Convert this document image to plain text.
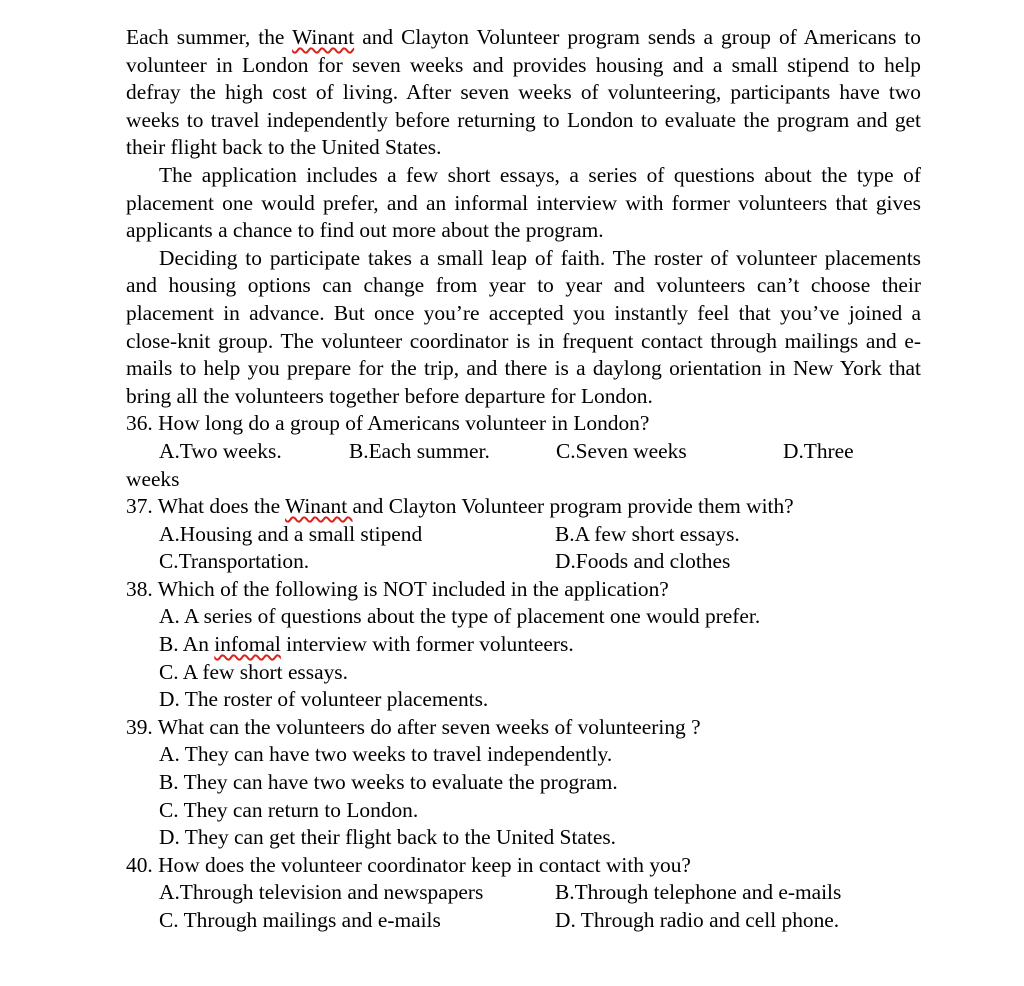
Each summer, the Winant and Clayton Volunteer program sends a group of Americans to volunteer in London for seven weeks and provides housing and a small stipend to help defray the high cost of living. After seven weeks of volunteering, participants have two weeks to travel independently before returning to London to evaluate the program and get their flight back to the United States.

The application includes a few short essays, a series of questions about the type of placement one would prefer, and an informal interview with former volunteers that gives applicants a chance to find out more about the program.

Deciding to participate takes a small leap of faith. The roster of volunteer placements and housing options can change from year to year and volunteers can’t choose their placement in advance. But once you’re accepted you instantly feel that you’ve joined a close-knit group. The volunteer coordinator is in frequent contact through mailings and e-mails to help you prepare for the trip, and there is a daylong orientation in New York that bring all the volunteers together before departure for London.

36. How long do a group of Americans volunteer in London?

A.Two weeks.	B.Each summer.	C.Seven weeks	D.Three

weeks

37. What does the Winant and Clayton Volunteer program provide them with?

A.Housing and a small stipend	B.A few short essays.
C.Transportation.	D.Foods and clothes

38. Which of the following is NOT included in the application?

A. A series of questions about the type of placement one would prefer.

B. An infomal interview with former volunteers.

C. A few short essays.

D. The roster of volunteer placements.

39. What can the volunteers do after seven weeks of volunteering ?

A. They can have two weeks to travel independently.

B. They can have two weeks to evaluate the program.

C. They can return to London.

D. They can get their flight back to the United States.

40. How does the volunteer coordinator keep in contact with you?

A.Through television and newspapers	B.Through telephone and e-mails
C. Through mailings and e-mails	D. Through radio and cell phone.
